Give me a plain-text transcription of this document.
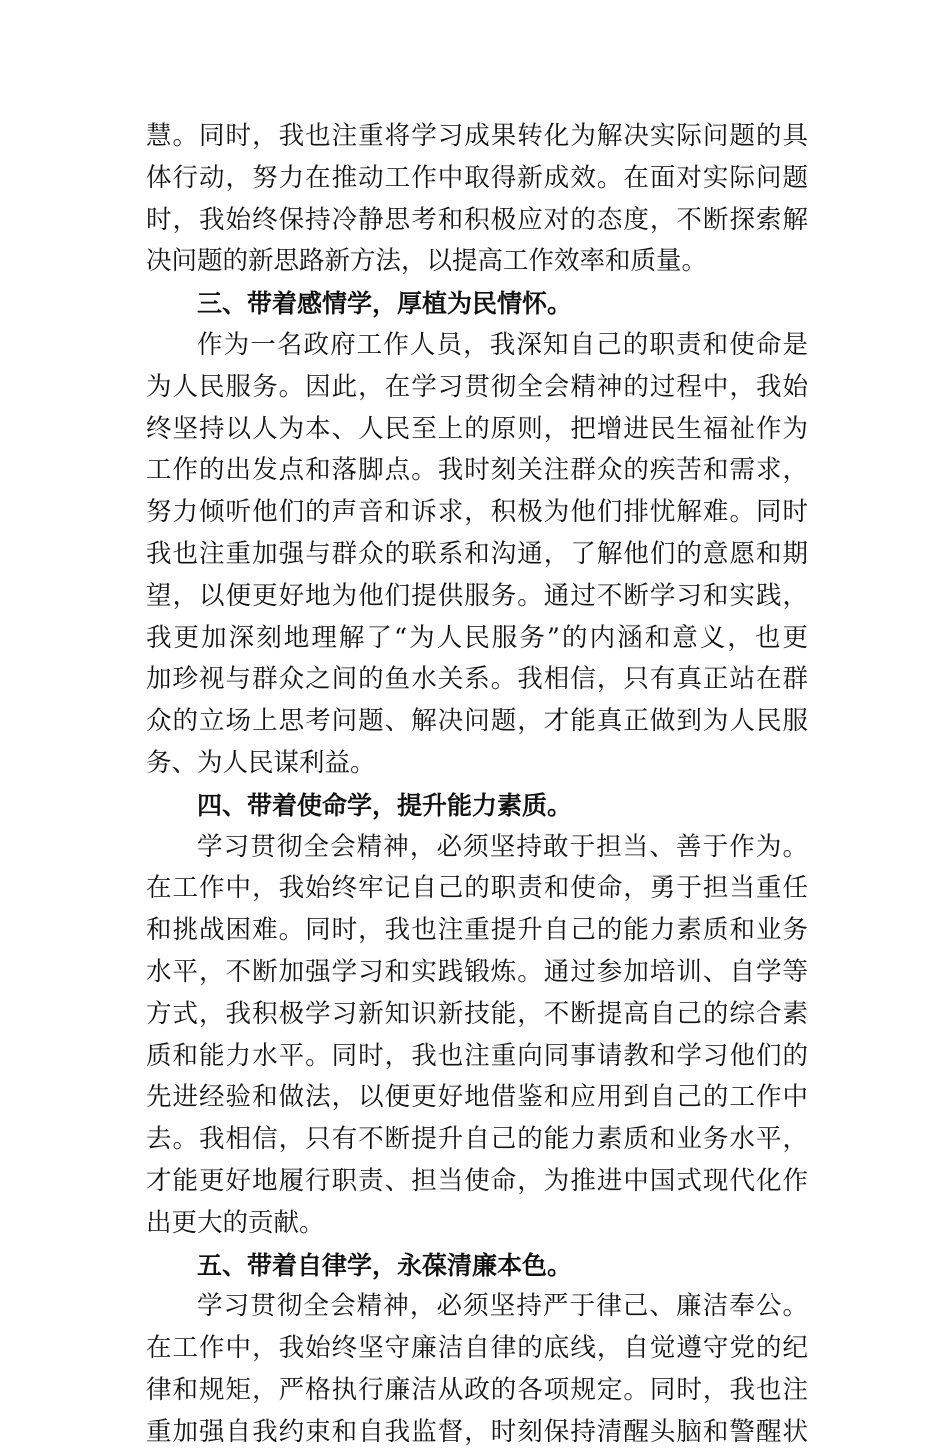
慧。同时，我也注重将学习成果转化为解决实际问题的具
体行动，努力在推动工作中取得新成效。在面对实际问题
时，我始终保持冷静思考和积极应对的态度，不断探索解
决问题的新思路新方法，以提高工作效率和质量。
三、带着感情学，厚植为民情怀。
作为一名政府工作人员，我深知自己的职责和使命是
为人民服务。因此，在学习贯彻全会精神的过程中，我始
终坚持以人为本、人民至上的原则，把增进民生福祉作为
工作的出发点和落脚点。我时刻关注群众的疾苦和需求，
努力倾听他们的声音和诉求，积极为他们排忧解难。同时
我也注重加强与群众的联系和沟通，了解他们的意愿和期
望，以便更好地为他们提供服务。通过不断学习和实践，
我更加深刻地理解了“为人民服务”的内涵和意义，也更
加珍视与群众之间的鱼水关系。我相信，只有真正站在群
众的立场上思考问题、解决问题，才能真正做到为人民服
务、为人民谋利益。
四、带着使命学，提升能力素质。
学习贯彻全会精神，必须坚持敢于担当、善于作为。
在工作中，我始终牢记自己的职责和使命，勇于担当重任
和挑战困难。同时，我也注重提升自己的能力素质和业务
水平，不断加强学习和实践锻炼。通过参加培训、自学等
方式，我积极学习新知识新技能，不断提高自己的综合素
质和能力水平。同时，我也注重向同事请教和学习他们的
先进经验和做法，以便更好地借鉴和应用到自己的工作中
去。我相信，只有不断提升自己的能力素质和业务水平，
才能更好地履行职责、担当使命，为推进中国式现代化作
出更大的贡献。
五、带着自律学，永葆清廉本色。
学习贯彻全会精神，必须坚持严于律己、廉洁奉公。
在工作中，我始终坚守廉洁自律的底线，自觉遵守党的纪
律和规矩，严格执行廉洁从政的各项规定。同时，我也注
重加强自我约束和自我监督，时刻保持清醒头脑和警醒状
